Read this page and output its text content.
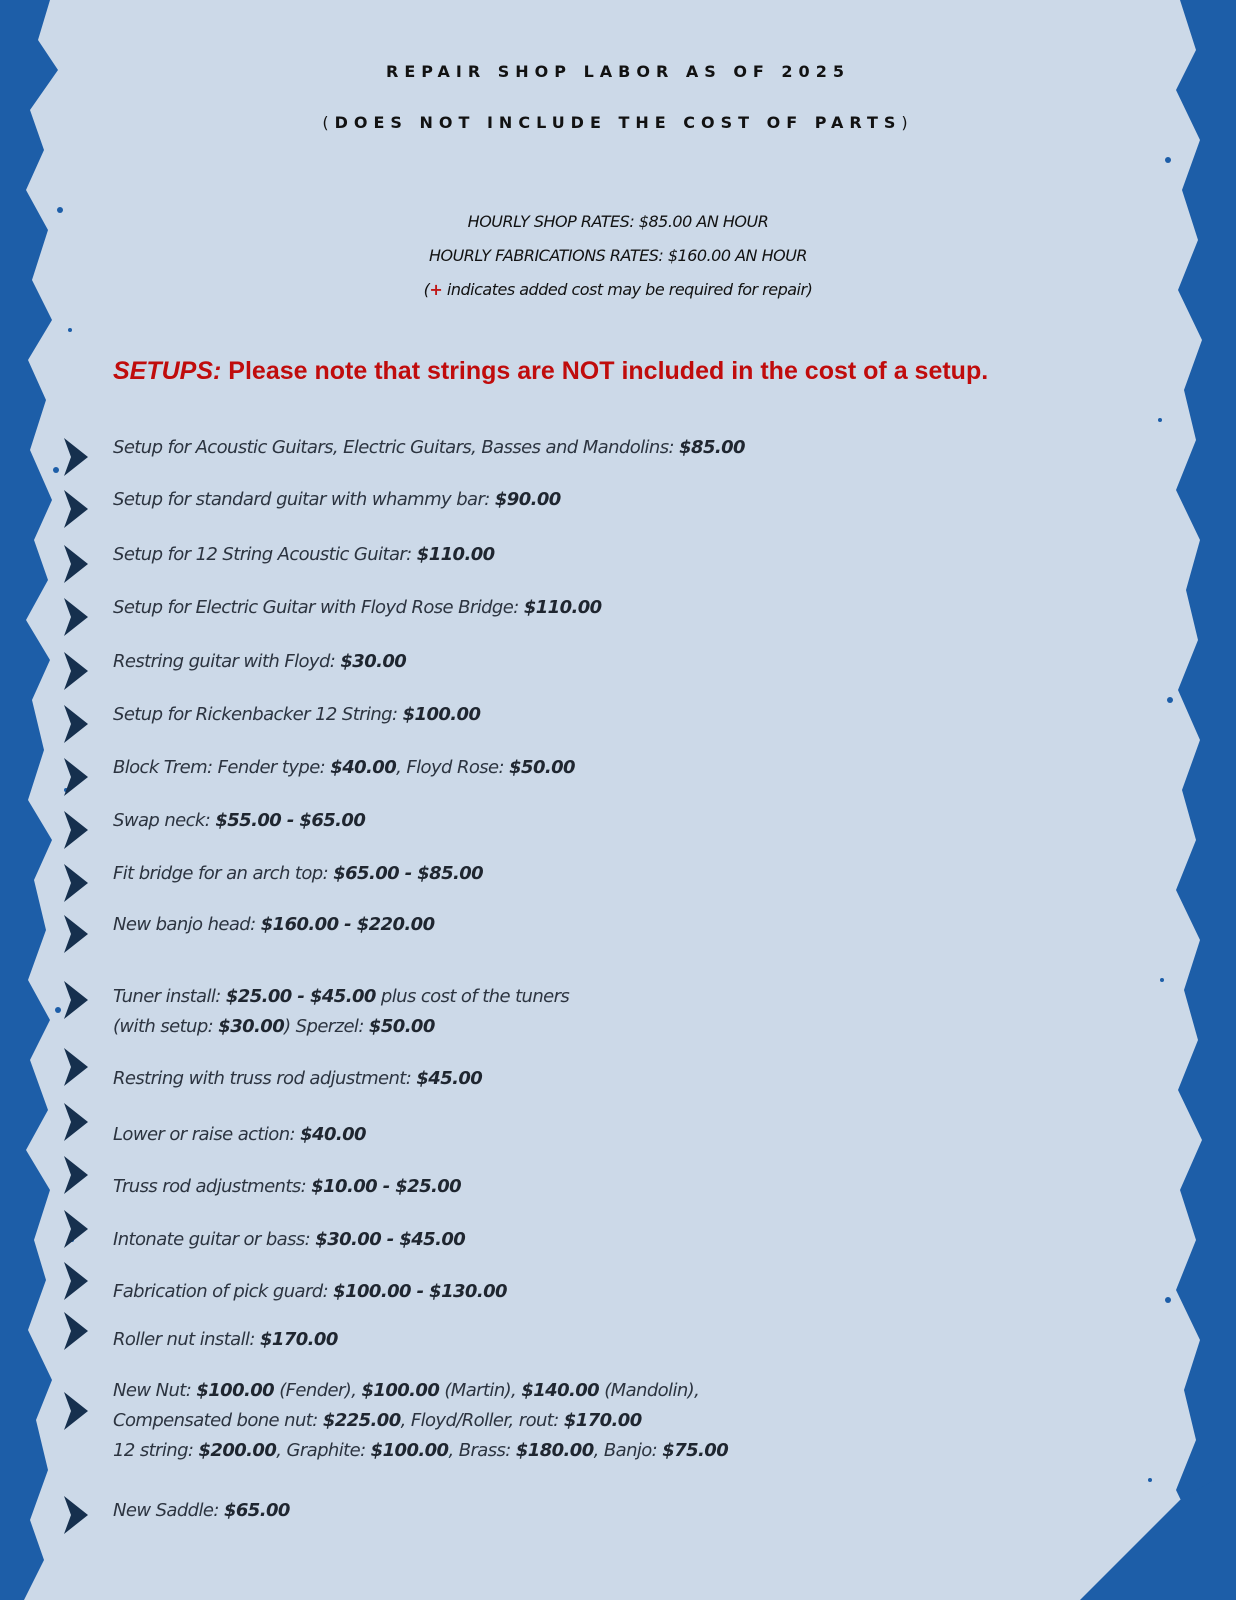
REPAIR SHOP LABOR AS OF 2025
(DOES NOT INCLUDE THE COST OF PARTS)
HOURLY SHOP RATES: $85.00 AN HOUR
HOURLY FABRICATIONS RATES: $160.00 AN HOUR
(+ indicates added cost may be required for repair)
SETUPS: Please note that strings are NOT included in the cost of a setup.
Setup for Acoustic Guitars, Electric Guitars, Basses and Mandolins: $85.00
Setup for standard guitar with whammy bar: $90.00
Setup for 12 String Acoustic Guitar: $110.00
Setup for Electric Guitar with Floyd Rose Bridge: $110.00
Restring guitar with Floyd: $30.00
Setup for Rickenbacker 12 String: $100.00
Block Trem: Fender type: $40.00, Floyd Rose: $50.00
Swap neck: $55.00 - $65.00
Fit bridge for an arch top: $65.00 - $85.00
New banjo head: $160.00 - $220.00
Tuner install: $25.00 - $45.00 plus cost of the tuners
(with setup: $30.00) Sperzel: $50.00
Restring with truss rod adjustment: $45.00
Lower or raise action: $40.00
Truss rod adjustments: $10.00 - $25.00
Intonate guitar or bass: $30.00 - $45.00
Fabrication of pick guard: $100.00 - $130.00
Roller nut install: $170.00
New Nut: $100.00 (Fender), $100.00 (Martin), $140.00 (Mandolin),
Compensated bone nut: $225.00, Floyd/Roller, rout: $170.00
12 string: $200.00, Graphite: $100.00, Brass: $180.00, Banjo: $75.00
New Saddle: $65.00
